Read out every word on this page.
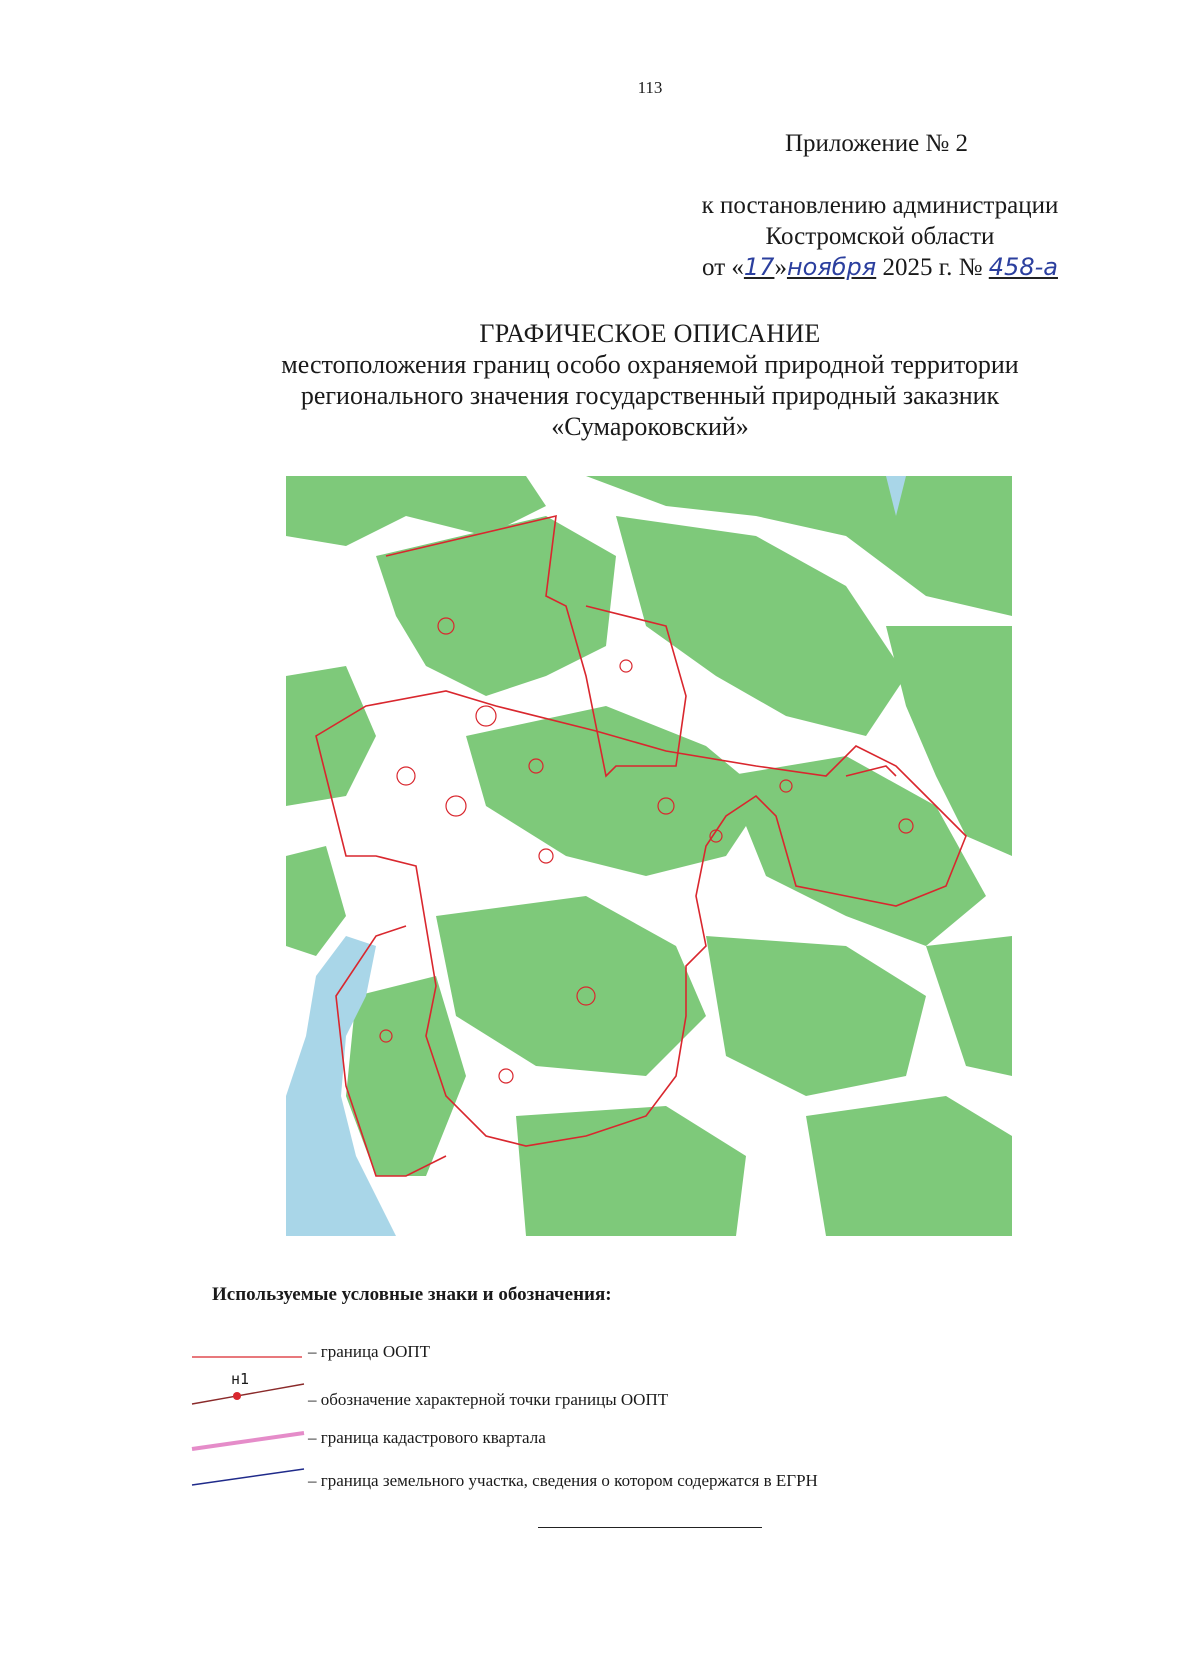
113
Приложение № 2
к постановлению администрации
Костромской области
от «17»ноября 2025 г. № 458-а
ГРАФИЧЕСКОЕ ОПИСАНИЕ
местоположения границ особо охраняемой природной территории
регионального значения государственный природный заказник
«Сумароковский»
Используемые условные знаки и обозначения:
– граница ООПТ
н1
– обозначение характерной точки границы ООПТ
– граница кадастрового квартала
– граница земельного участка, сведения о котором содержатся в ЕГРН
